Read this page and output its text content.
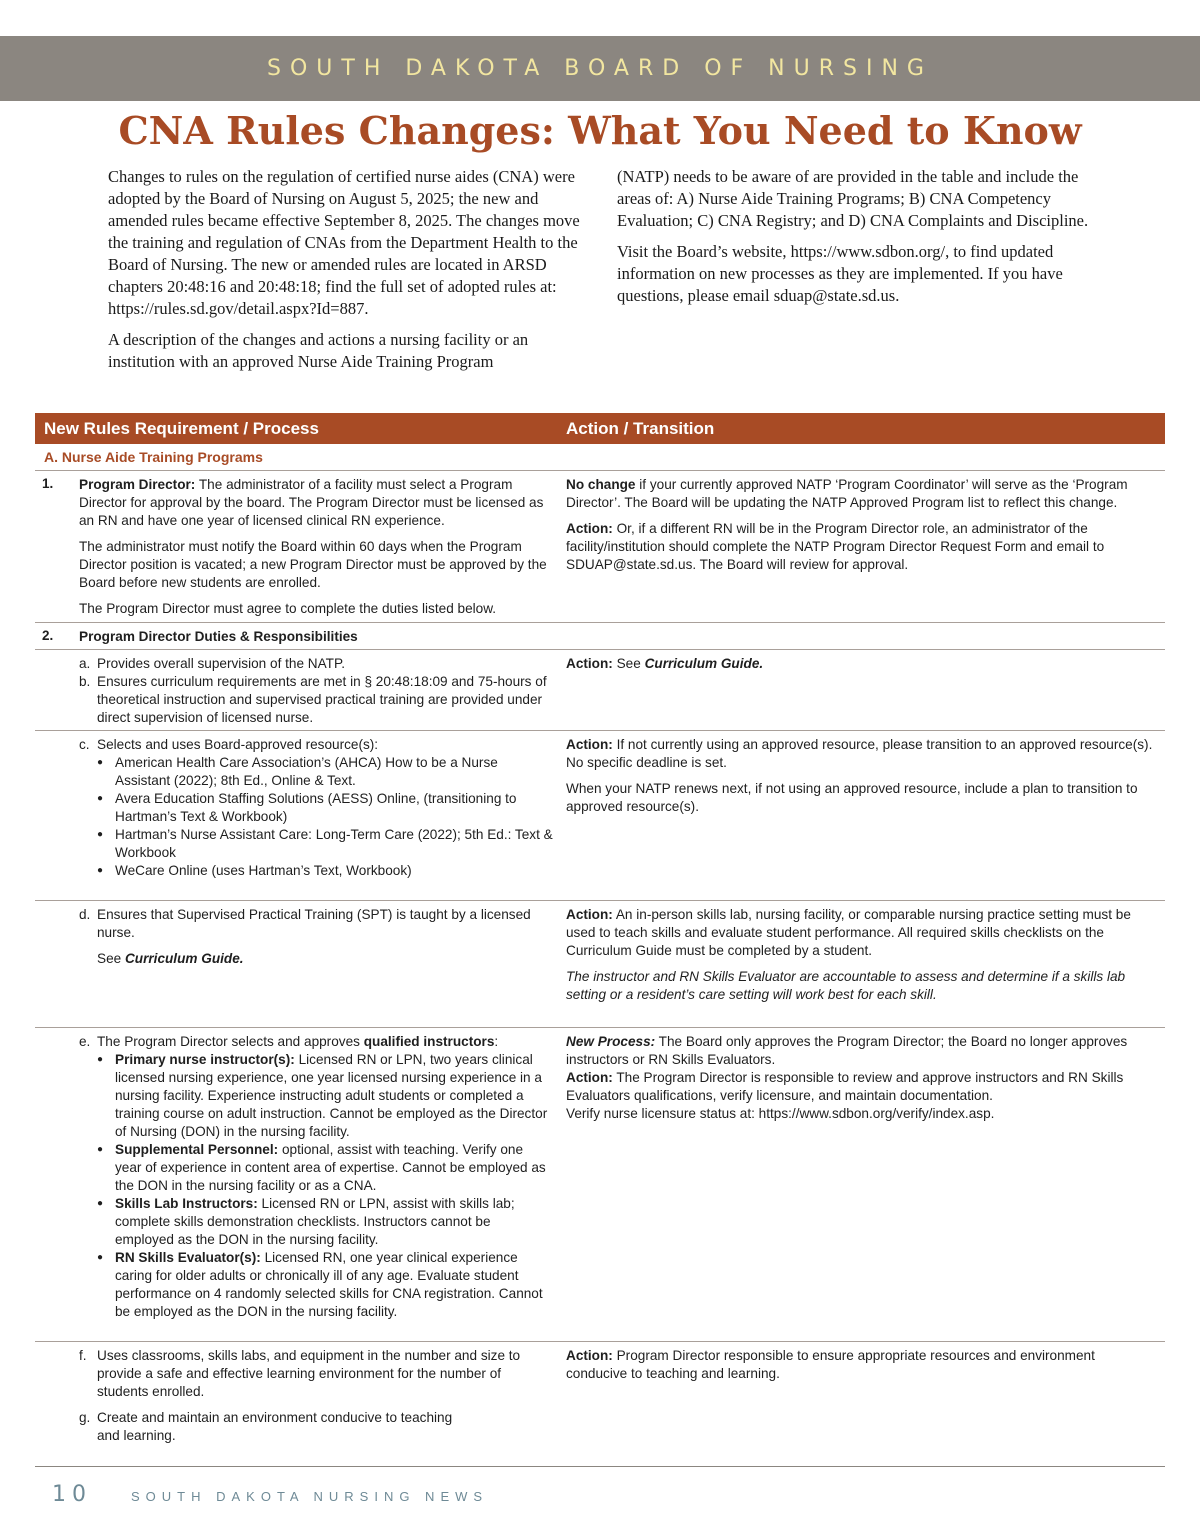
SOUTH DAKOTA BOARD OF NURSING
CNA Rules Changes: What You Need to Know

Changes to rules on the regulation of certified nurse aides (CNA) were adopted by the Board of Nursing on August 5, 2025; the new and amended rules became effective September 8, 2025. The changes move the training and regulation of CNAs from the Department Health to the Board of Nursing. The new or amended rules are located in ARSD chapters 20:48:16 and 20:48:18; find the full set of adopted rules at: https://rules.sd.gov/detail.aspx?Id=887.

A description of the changes and actions a nursing facility or an institution with an approved Nurse Aide Training Program

(NATP) needs to be aware of are provided in the table and include the areas of: A) Nurse Aide Training Programs; B) CNA Competency Evaluation; C) CNA Registry; and D) CNA Complaints and Discipline.

Visit the Board’s website, https://www.sdbon.org/, to find updated information on new processes as they are implemented. If you have questions, please email sduap@state.sd.us.

New Rules Requirement / Process	Action / Transition
A. Nurse Aide Training Programs
1. Program Director: The administrator of a facility must select a Program Director for approval by the board. The Program Director must be licensed as an RN and have one year of licensed clinical RN experience.

The administrator must notify the Board within 60 days when the Program Director position is vacated; a new Program Director must be approved by the Board before new students are enrolled.

The Program Director must agree to complete the duties listed below.

No change if your currently approved NATP ‘Program Coordinator’ will serve as the ‘Program Director’. The Board will be updating the NATP Approved Program list to reflect this change.

Action: Or, if a different RN will be in the Program Director role, an administrator of the facility/institution should complete the NATP Program Director Request Form and email to SDUAP@state.sd.us. The Board will review for approval.

2. Program Director Duties & Responsibilities
a. Provides overall supervision of the NATP.
b. Ensures curriculum requirements are met in § 20:48:18:09 and 75-hours of theoretical instruction and supervised practical training are provided under direct supervision of licensed nurse.
Action: See Curriculum Guide.
c. Selects and uses Board-approved resource(s):
● American Health Care Association’s (AHCA) How to be a Nurse Assistant (2022); 8th Ed., Online & Text.
● Avera Education Staffing Solutions (AESS) Online, (transitioning to Hartman’s Text & Workbook)
● Hartman’s Nurse Assistant Care: Long-Term Care (2022); 5th Ed.: Text & Workbook
● WeCare Online (uses Hartman’s Text, Workbook)

Action: If not currently using an approved resource, please transition to an approved resource(s). No specific deadline is set.

When your NATP renews next, if not using an approved resource, include a plan to transition to approved resource(s).

d. Ensures that Supervised Practical Training (SPT) is taught by a licensed nurse.
See Curriculum Guide.

Action: An in-person skills lab, nursing facility, or comparable nursing practice setting must be used to teach skills and evaluate student performance. All required skills checklists on the Curriculum Guide must be completed by a student.

The instructor and RN Skills Evaluator are accountable to assess and determine if a skills lab setting or a resident’s care setting will work best for each skill.

e. The Program Director selects and approves qualified instructors:
● Primary nurse instructor(s): Licensed RN or LPN, two years clinical licensed nursing experience, one year licensed nursing experience in a nursing facility. Experience instructing adult students or completed a training course on adult instruction. Cannot be employed as the Director of Nursing (DON) in the nursing facility.
● Supplemental Personnel: optional, assist with teaching. Verify one year of experience in content area of expertise. Cannot be employed as the DON in the nursing facility or as a CNA.
● Skills Lab Instructors: Licensed RN or LPN, assist with skills lab; complete skills demonstration checklists. Instructors cannot be employed as the DON in the nursing facility.
● RN Skills Evaluator(s): Licensed RN, one year clinical experience caring for older adults or chronically ill of any age. Evaluate student performance on 4 randomly selected skills for CNA registration. Cannot be employed as the DON in the nursing facility.
New Process: The Board only approves the Program Director; the Board no longer approves instructors or RN Skills Evaluators.
Action: The Program Director is responsible to review and approve instructors and RN Skills Evaluators qualifications, verify licensure, and maintain documentation.
Verify nurse licensure status at: https://www.sdbon.org/verify/index.asp.
f. Uses classrooms, skills labs, and equipment in the number and size to provide a safe and effective learning environment for the number of students enrolled.
g. Create and maintain an environment conducive to teaching and learning.
Action: Program Director responsible to ensure appropriate resources and environment conducive to teaching and learning.
10	SOUTH DAKOTA NURSING NEWS
